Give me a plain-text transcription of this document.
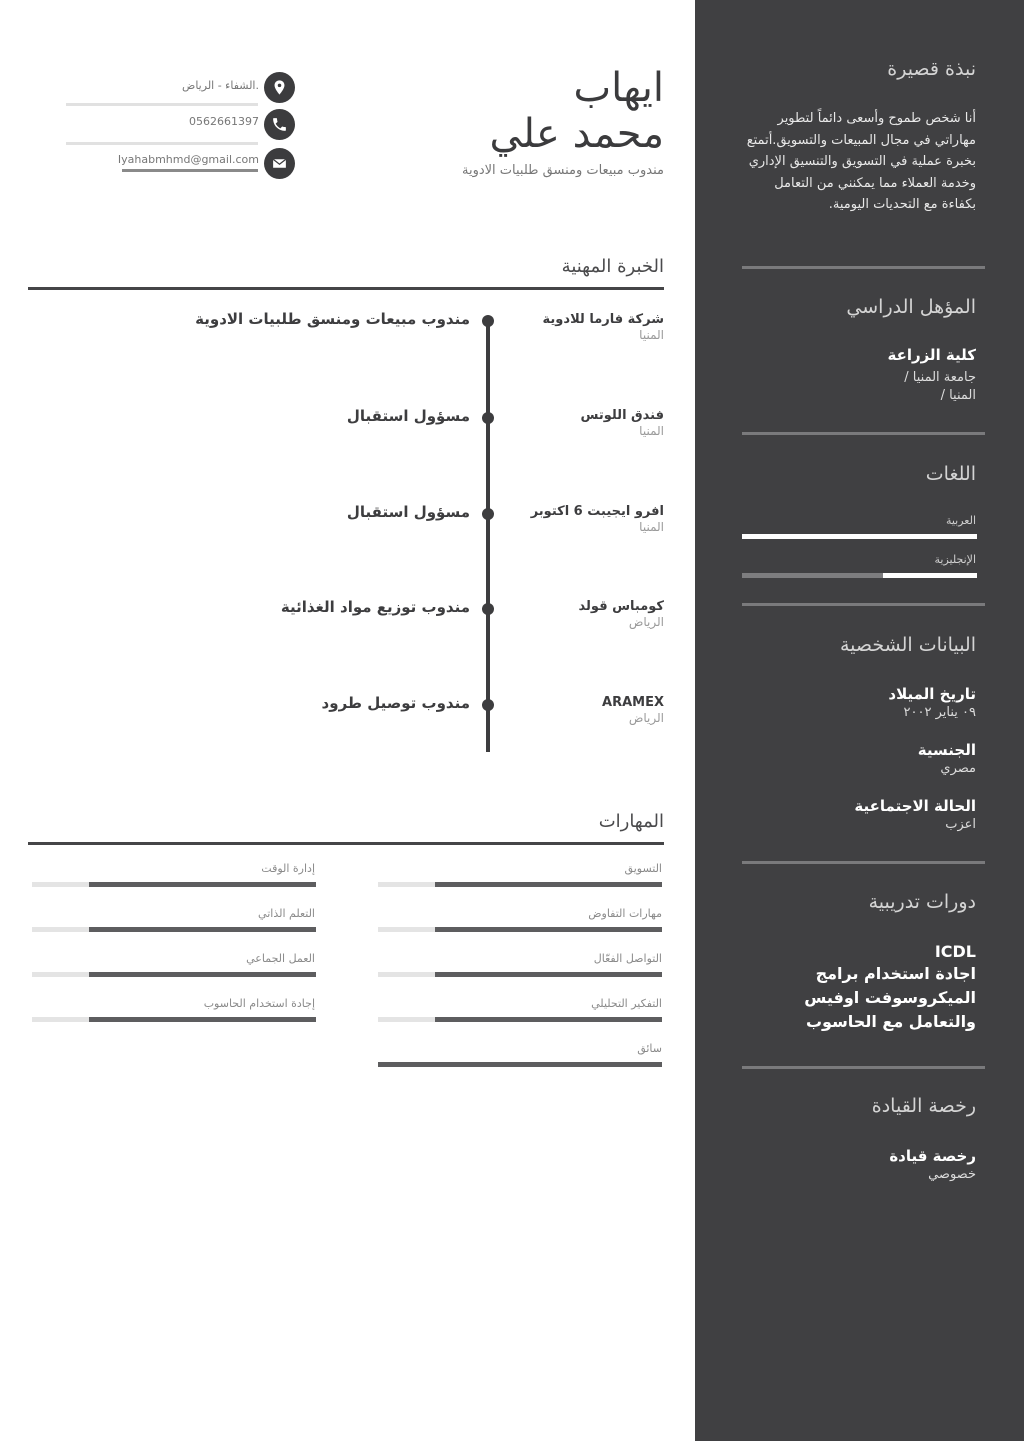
ايهاب
محمد علي
مندوب مبيعات ومنسق طلبيات الادوية
الشفاء - الرياض.
0562661397
Iyahabmhmd@gmail.com
الخبرة المهنية
شركة فارما للادوية
المنيا
مندوب مبيعات ومنسق طلبيات الادوية
فندق اللوتس
المنيا
مسؤول استقبال
افرو ايجيبت 6 اكتوبر
المنيا
مسؤول استقبال
كومباس قولد
الرياض
مندوب توزيع مواد الغذائية
ARAMEX
الرياض
مندوب توصيل طرود
المهارات
التسويق
مهارات التفاوض
التواصل الفعّال
التفكير التحليلي
سائق
إدارة الوقت
التعلم الذاتي
العمل الجماعي
إجادة استخدام الحاسوب
نبذة قصيرة
أنا شخص طموح وأسعى دائماً لتطوير مهاراتي في مجال المبيعات والتسويق.أتمتع بخبرة عملية في التسويق والتنسيق الإداري وخدمة العملاء مما يمكنني من التعامل بكفاءة مع التحديات اليومية.
المؤهل الدراسي
كلية الزراعة
جامعة المنيا /
المنيا /
اللغات
العربية
الإنجليزية
البيانات الشخصية
تاريخ الميلاد
٠٩ يناير ٢٠٠٢
الجنسية
مصري
الحالة الاجتماعية
اعزب
دورات تدريبية
ICDL
اجادة استخدام برامج
الميكروسوفت اوفيس
والتعامل مع الحاسوب
رخصة القيادة
رخصة قيادة
خصوصي
